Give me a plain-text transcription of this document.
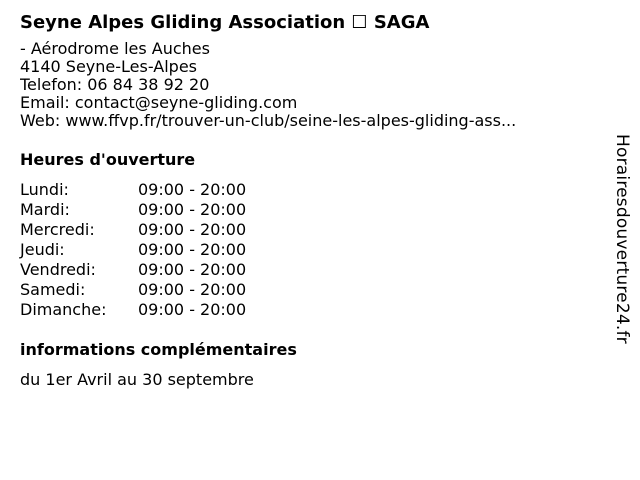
Seyne Alpes Gliding Association ☐ SAGA
- Aérodrome les Auches
4140 Seyne-Les-Alpes
Telefon: 06 84 38 92 20
Email: contact@seyne-gliding.com
Web: www.ffvp.fr/trouver-un-club/seine-les-alpes-gliding-ass...
Heures d'ouverture
Lundi:	09:00 - 20:00
Mardi:	09:00 - 20:00
Mercredi:	09:00 - 20:00
Jeudi:	09:00 - 20:00
Vendredi:	09:00 - 20:00
Samedi:	09:00 - 20:00
Dimanche:	09:00 - 20:00
informations complémentaires
du 1er Avril au 30 septembre
Horairesdouverture24.fr
